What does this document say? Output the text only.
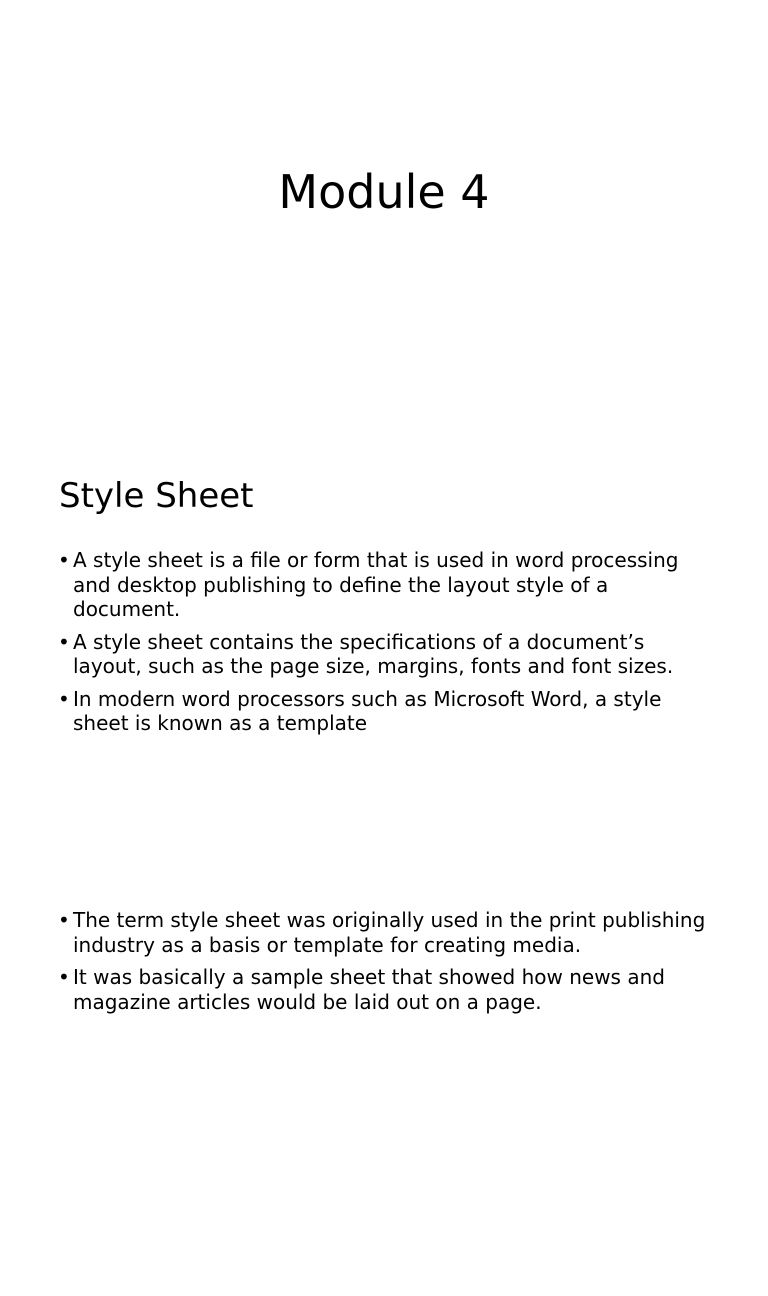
Module 4
Style Sheet
• A style sheet is a file or form that is used in word processing and desktop publishing to define the layout style of a document.
• A style sheet contains the specifications of a document’s layout, such as the page size, margins, fonts and font sizes.
• In modern word processors such as Microsoft Word, a style sheet is known as a template
• The term style sheet was originally used in the print publishing industry as a basis or template for creating media.
• It was basically a sample sheet that showed how news and magazine articles would be laid out on a page.
